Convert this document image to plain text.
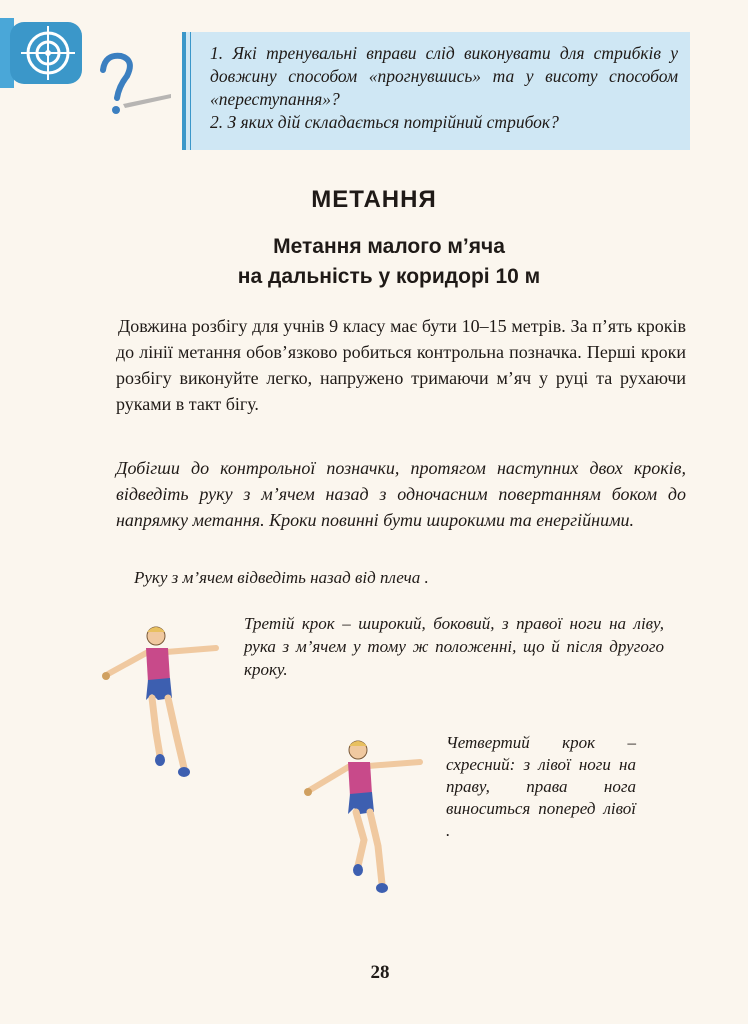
1. Які тренувальні вправи слід виконувати для стрибків у довжину способом «прогнувшись» та у висоту способом «переступання»?
2. З яких дій складається потрійний стрибок?
МЕТАННЯ
Метання малого м’яча
на дальність у коридорі 10 м

Довжина розбігу для учнів 9 класу має бути 10–15 метрів. За п’ять кроків до лінії метання обов’язково робиться контрольна позначка. Перші кроки розбігу виконуйте легко, напружено тримаючи м’яч у руці та рухаючи руками в такт бігу.

Добігши до контрольної позначки, протягом наступних двох кроків, відведіть руку з м’ячем назад з одночасним повертанням боком до напрямку метання. Кроки повинні бути широкими та енергійними.

Руку з м’ячем відведіть назад від плеча .
Третій крок – широкий, боковий, з правої ноги на ліву, рука з м’ячем у тому ж положенні, що й після другого кроку.
Четвертий крок – схресний: з лівої ноги на праву, права нога виноситься поперед лівої .
28
